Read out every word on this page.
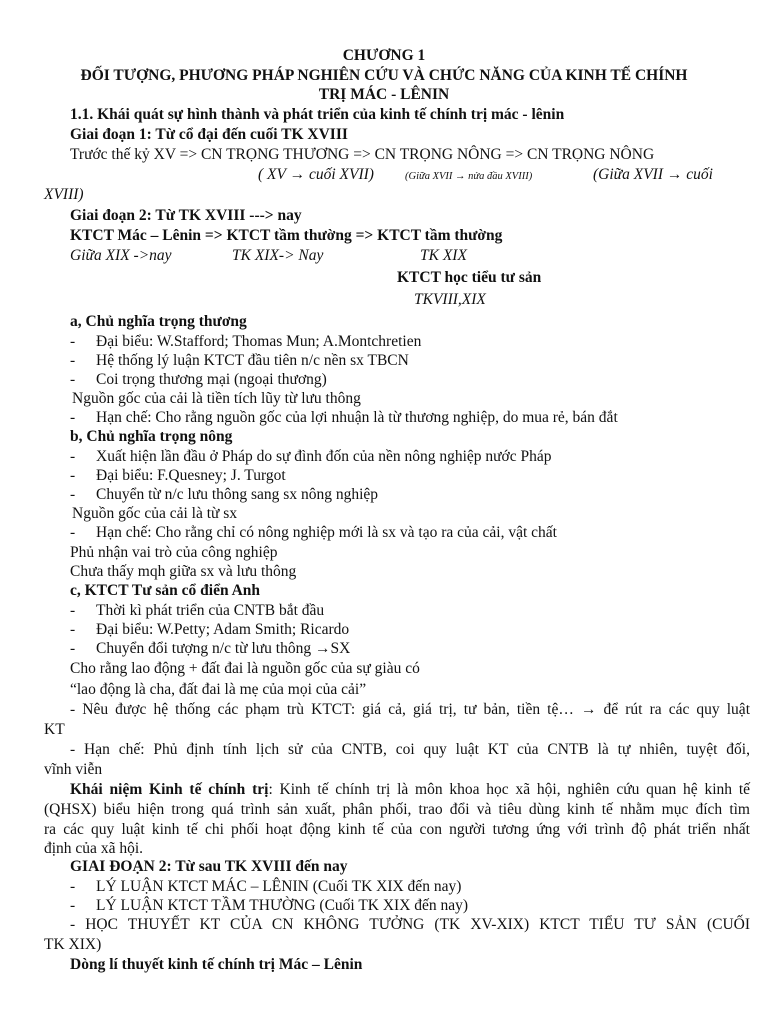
CHƯƠNG 1
ĐỐI TƯỢNG, PHƯƠNG PHÁP NGHIÊN CỨU VÀ CHỨC NĂNG CỦA KINH TẾ CHÍNH
TRỊ MÁC - LÊNIN
1.1. Khái quát sự hình thành và phát triển của kinh tế chính trị mác - lênin
Giai đoạn 1: Từ cổ đại đến cuối TK XVIII
Trước thế kỷ XV => CN TRỌNG THƯƠNG => CN TRỌNG NÔNG => CN TRỌNG NÔNG
( XV → cuối XVII)	(Giữa XVII → nửa đầu XVIII)	(Giữa XVII → cuối
XVIII)
Giai đoạn 2: Từ TK XVIII ---> nay
KTCT Mác – Lênin => KTCT tầm thường => KTCT tầm thường
Giữa XIX ->nay	TK XIX-> Nay	TK XIX
KTCT học tiểu tư sản
TKVIII,XIX
a, Chủ nghĩa trọng thương
- Đại biểu: W.Stafford; Thomas Mun; A.Montchretien
- Hệ thống lý luận KTCT đầu tiên n/c nền sx TBCN
- Coi trọng thương mại (ngoại thương)
Nguồn gốc của cải là tiền tích lũy từ lưu thông
- Hạn chế: Cho rằng nguồn gốc của lợi nhuận là từ thương nghiệp, do mua rẻ, bán đắt
b, Chủ nghĩa trọng nông
- Xuất hiện lần đầu ở Pháp do sự đình đốn của nền nông nghiệp nước Pháp
- Đại biểu: F.Quesney; J. Turgot
- Chuyển từ n/c lưu thông sang sx nông nghiệp
Nguồn gốc của cải là từ sx
- Hạn chế: Cho rằng chỉ có nông nghiệp mới là sx và tạo ra của cải, vật chất
Phủ nhận vai trò của công nghiệp
Chưa thấy mqh giữa sx và lưu thông
c, KTCT Tư sản cổ điển Anh
- Thời kì phát triển của CNTB bắt đầu
- Đại biểu: W.Petty; Adam Smith; Ricardo
- Chuyển đổi tượng n/c từ lưu thông →SX
Cho rằng lao động + đất đai là nguồn gốc của sự giàu có
“lao động là cha, đất đai là mẹ của mọi của cải”
- Nêu được hệ thống các phạm trù KTCT: giá cả, giá trị, tư bản, tiền tệ… → để rút ra các quy luật
KT
- Hạn chế: Phủ định tính lịch sử của CNTB, coi quy luật KT của CNTB là tự nhiên, tuyệt đối,
vĩnh viễn
Khái niệm Kinh tế chính trị: Kinh tế chính trị là môn khoa học xã hội, nghiên cứu quan hệ kinh tế
(QHSX) biểu hiện trong quá trình sản xuất, phân phối, trao đổi và tiêu dùng kinh tế nhằm mục đích tìm
ra các quy luật kinh tế chi phối hoạt động kinh tế của con người tương ứng với trình độ phát triển nhất
định của xã hội.
GIAI ĐOẠN 2: Từ sau TK XVIII đến nay
- LÝ LUẬN KTCT MÁC – LÊNIN (Cuối TK XIX đến nay)
- LÝ LUẬN KTCT TẦM THƯỜNG (Cuối TK XIX đến nay)
- HỌC THUYẾT KT CỦA CN KHÔNG TƯỞNG (TK XV-XIX) KTCT TIỂU TƯ SẢN (CUỐI
TK XIX)
Dòng lí thuyết kinh tế chính trị Mác – Lênin
